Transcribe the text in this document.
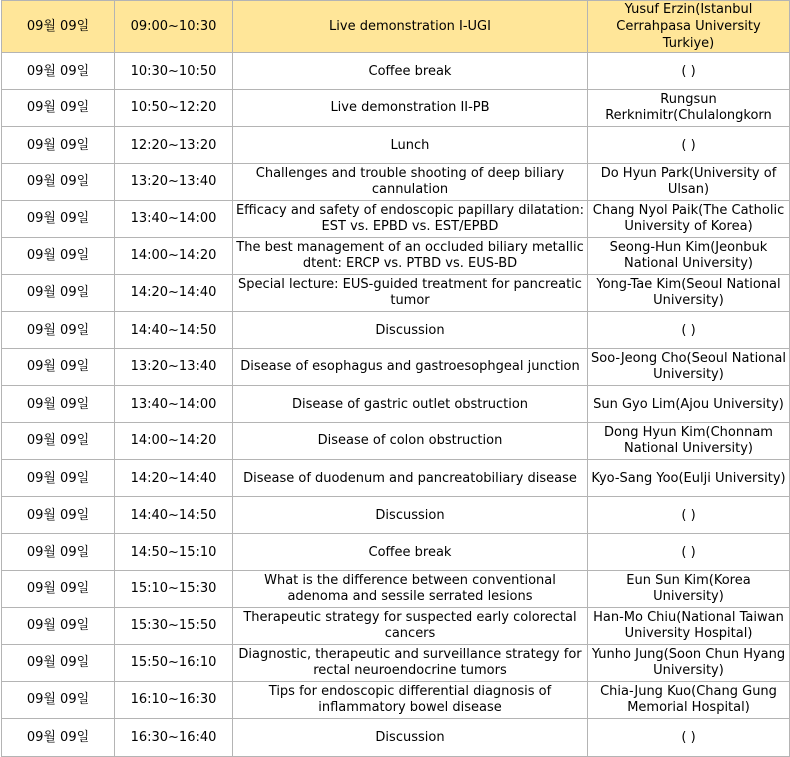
09월 09일	09:00~10:30	Live demonstration I-UGI	Yusuf Erzin(Istanbul Cerrahpasa University Turkiye)
09월 09일	10:30~10:50	Coffee break	( )
09월 09일	10:50~12:20	Live demonstration II-PB	Rungsun Rerknimitr(Chulalongkorn
09월 09일	12:20~13:20	Lunch	( )
09월 09일	13:20~13:40	Challenges and trouble shooting of deep biliary cannulation	Do Hyun Park(University of Ulsan)
09월 09일	13:40~14:00	Efficacy and safety of endoscopic papillary dilatation: EST vs. EPBD vs. EST/EPBD	Chang Nyol Paik(The Catholic University of Korea)
09월 09일	14:00~14:20	The best management of an occluded biliary metallic dtent: ERCP vs. PTBD vs. EUS-BD	Seong-Hun Kim(Jeonbuk National University)
09월 09일	14:20~14:40	Special lecture: EUS-guided treatment for pancreatic tumor	Yong-Tae Kim(Seoul National University)
09월 09일	14:40~14:50	Discussion	( )
09월 09일	13:20~13:40	Disease of esophagus and gastroesophgeal junction	Soo-Jeong Cho(Seoul National University)
09월 09일	13:40~14:00	Disease of gastric outlet obstruction	Sun Gyo Lim(Ajou University)
09월 09일	14:00~14:20	Disease of colon obstruction	Dong Hyun Kim(Chonnam National University)
09월 09일	14:20~14:40	Disease of duodenum and pancreatobiliary disease	Kyo-Sang Yoo(Eulji University)
09월 09일	14:40~14:50	Discussion	( )
09월 09일	14:50~15:10	Coffee break	( )
09월 09일	15:10~15:30	What is the difference between conventional adenoma and sessile serrated lesions	Eun Sun Kim(Korea University)
09월 09일	15:30~15:50	Therapeutic strategy for suspected early colorectal cancers	Han-Mo Chiu(National Taiwan University Hospital)
09월 09일	15:50~16:10	Diagnostic, therapeutic and surveillance strategy for rectal neuroendocrine tumors	Yunho Jung(Soon Chun Hyang University)
09월 09일	16:10~16:30	Tips for endoscopic differential diagnosis of inflammatory bowel disease	Chia-Jung Kuo(Chang Gung Memorial Hospital)
09월 09일	16:30~16:40	Discussion	( )
